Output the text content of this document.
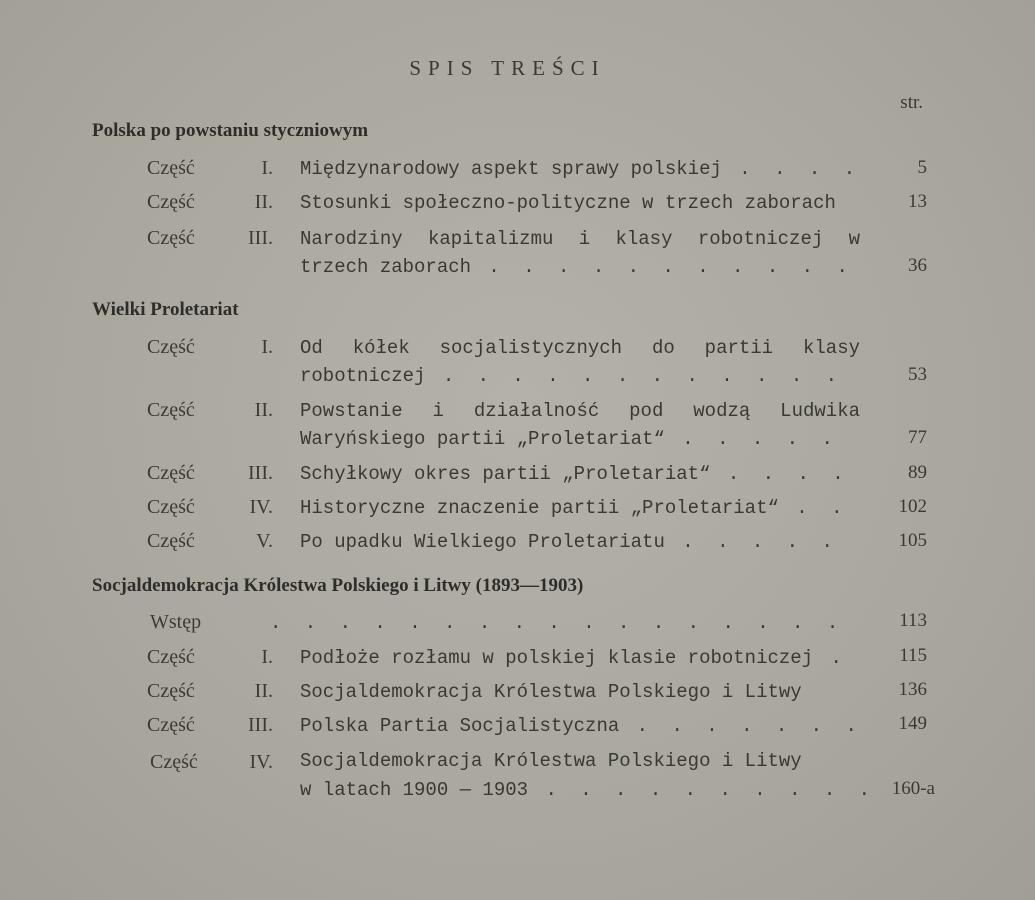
SPIS TREŚCI
str.
Polska po powstaniu styczniowym
Część	I. Międzynarodowy aspekt sprawy polskiej . . .	5
Część	II. Stosunki społeczno-polityczne w trzech zaborach	13
Część	III. Narodziny kapitalizmu i klasy robotniczej w
trzech zaborach . . .	36
Wielki Proletariat
Część	I. Od kółek socjalistycznych do partii klasy
robotniczej . . .	53
Część	II. Powstanie i działalność pod wodzą Ludwika
Waryńskiego partii „Proletariat“ . . .	77
Część	III. Schyłkowy okres partii „Proletariat“ . . .	89
Część	IV. Historyczne znaczenie partii „Proletariat“ . . .	102
Część	V. Po upadku Wielkiego Proletariatu . . .	105
Socjaldemokracja Królestwa Polskiego i Litwy (1893—1903)
Wstęp . . .	113
Część	I. Podłoże rozłamu w polskiej klasie robotniczej . . .	115
Część	II. Socjaldemokracja Królestwa Polskiego i Litwy	136
Część	III. Polska Partia Socjalistyczna . . .	149
Część	IV. Socjaldemokracja Królestwa Polskiego i Litwy
w latach 1900 — 1903 . . .	160-a
